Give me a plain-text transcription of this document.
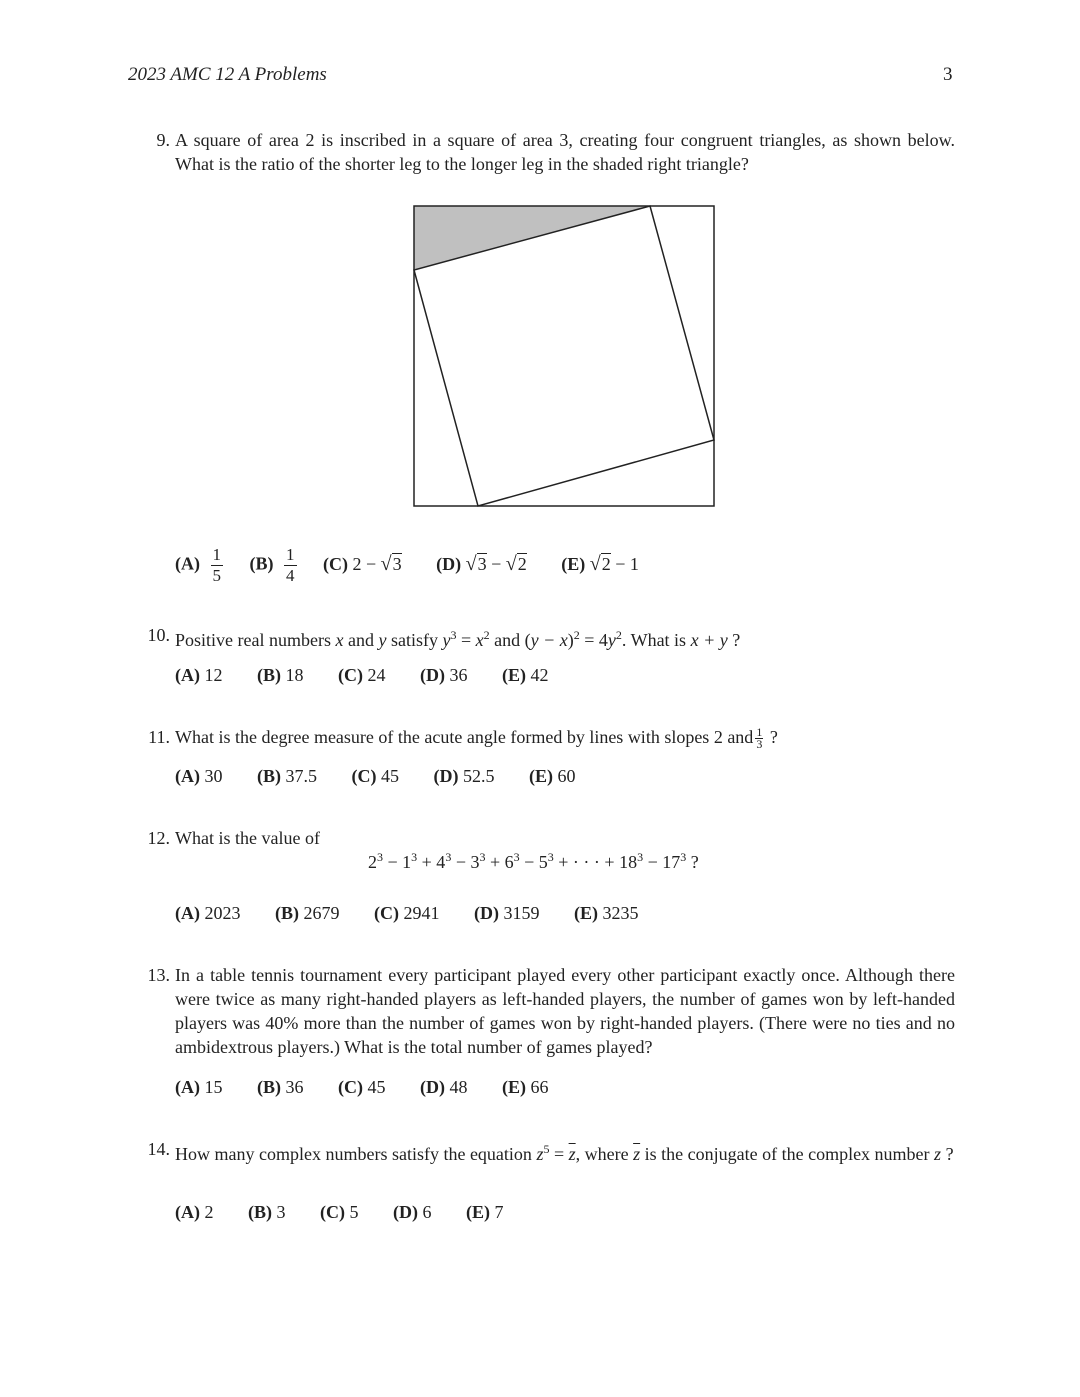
2023 AMC 12 A Problems	3
9. A square of area 2 is inscribed in a square of area 3, creating four congruent triangles, as shown below. What is the ratio of the shorter leg to the longer leg in the shaded right triangle?
$(A) \frac{1}{5} (B) \frac{1}{4} (C) 2 - √3$ (D) √3 − √2 (E) √2 − 1
10. Positive real numbers x and y satisfy $y^3 = x^2$ and $(y - x)^2 = 4y^2$. What is x + y ?
(A) 12 (B) 18 (C) 24 (D) 36 (E) 42
11. What is the degree measure of the acute angle formed by lines with slopes 2 and $\frac{1}{3}$ ?
(A) 30 (B) 37.5 (C) 45 (D) 52.5 (E) 60
12. What is the value of
$2^3 - 1^3 + 4^3 - 3^3 + 6^3 - 5^3$ + · · · + $18^3 - 17^3$ ?
(A) 2023 (B) 2679 (C) 2941 (D) 3159 (E) 3235
13. In a table tennis tournament every participant played every other participant exactly once. Although there were twice as many right-handed players as left-handed players, the number of games won by left-handed players was 40% more than the number of games won by right-handed players. (There were no ties and no ambidextrous players.) What is the total number of games played?
(A) 15 (B) 36 (C) 45 (D) 48 (E) 66
14. How many complex numbers satisfy the equation $z^5 = \overline{z}$, where $\overline{z}$ is the conjugate of the complex number z ?
(A) 2 (B) 3 (C) 5 (D) 6 (E) 7
